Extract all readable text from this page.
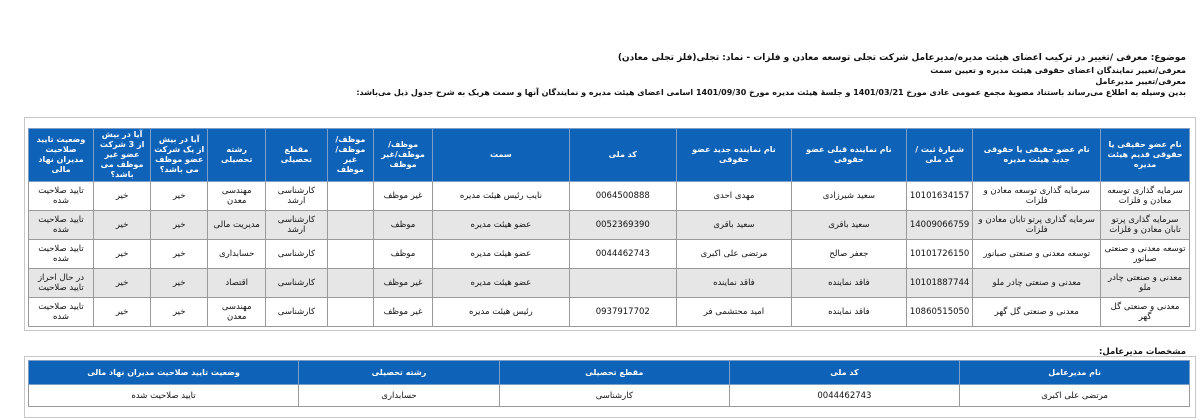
موضوع: معرفی /تغییر در ترکیب اعضای هیئت مدیره/مدیرعامل شرکت تجلی توسعه معادن و فلزات - نماد: تجلی(فلز تجلی معادن)
معرفی/تغییر نمایندگان اعضای حقوقی هیئت مدیره و تعیین سمت
معرفی/تغییر مدیرعامل
بدین وسیله به اطلاع می‌رساند باستناد مصوبهٔ مجمع عمومی عادی مورخ 1401/03/21 و جلسهٔ هیئت مدیره مورخ 1401/09/30 اسامی اعضای هیئت مدیره و نمایندگان آنها و سمت هریک به شرح جدول ذیل می‌باشد:
نام عضو حقیقی یا حقوقی قدیم هیئت مدیره	نام عضو حقیقی یا حقوقی جدید هیئت مدیره	شمارهٔ ثبت / کد ملی	نام نماینده قبلی عضو حقوقی	نام نماینده جدید عضو حقوقی	کد ملی	سمت	موظف/موظف/غیر موظف	موظف/موظف/غیر موظف	مقطع تحصیلی	رشته تحصیلی	آیا در بیش از یک شرکت عضو موظف می باشد؟	آیا در بیش از 3 شرکت عضو غیر موظف می باشد؟	وضعیت تایید صلاحیت مدیران نهاد مالی
سرمایه گذاری توسعه معادن و فلزات	سرمایه گذاری توسعه معادن و فلزات	10101634157	سعید شیرزادی	مهدی احدی	0064500888	نایب رئیس هیئت مدیره	غیر موظف		کارشناسی ارشد	مهندسی معدن	خیر	خیر	تایید صلاحیت شده
سرمایه گذاری پرتو تابان معادن و فلزات	سرمایه گذاری پرتو تابان معادن و فلزات	14009066759	سعید باقری	سعید باقری	0052369390	عضو هیئت مدیره	موظف		کارشناسی ارشد	مدیریت مالی	خیر	خیر	تایید صلاحیت شده
توسعه معدنی و صنعتی صبانور	توسعه معدنی و صنعتی صبانور	10101726150	جعفر صالح	مرتضی علی اکبری	0044462743	عضو هیئت مدیره	موظف		کارشناسی	حسابداری	خیر	خیر	تایید صلاحیت شده
معدنی و صنعتی چادر ملو	معدنی و صنعتی چادر ملو	10101887744	فاقد نماینده	فاقد نماینده		عضو هیئت مدیره	غیر موظف		کارشناسی	اقتصاد	خیر	خیر	در حال احراز تایید صلاحیت
معدنی و صنعتی گل گهر	معدنی و صنعتی گل گهر	10860515050	فاقد نماینده	امید محتشمی فر	0937917702	رئیس هیئت مدیره	غیر موظف		کارشناسی	مهندسی معدن	خیر	خیر	تایید صلاحیت شده
مشخصات مدیرعامل:
نام مدیرعامل	کد ملی	مقطع تحصیلی	رشته تحصیلی	وضعیت تایید صلاحیت مدیران نهاد مالی
مرتضی علی اکبری	0044462743	کارشناسی	حسابداری	تایید صلاحیت شده
